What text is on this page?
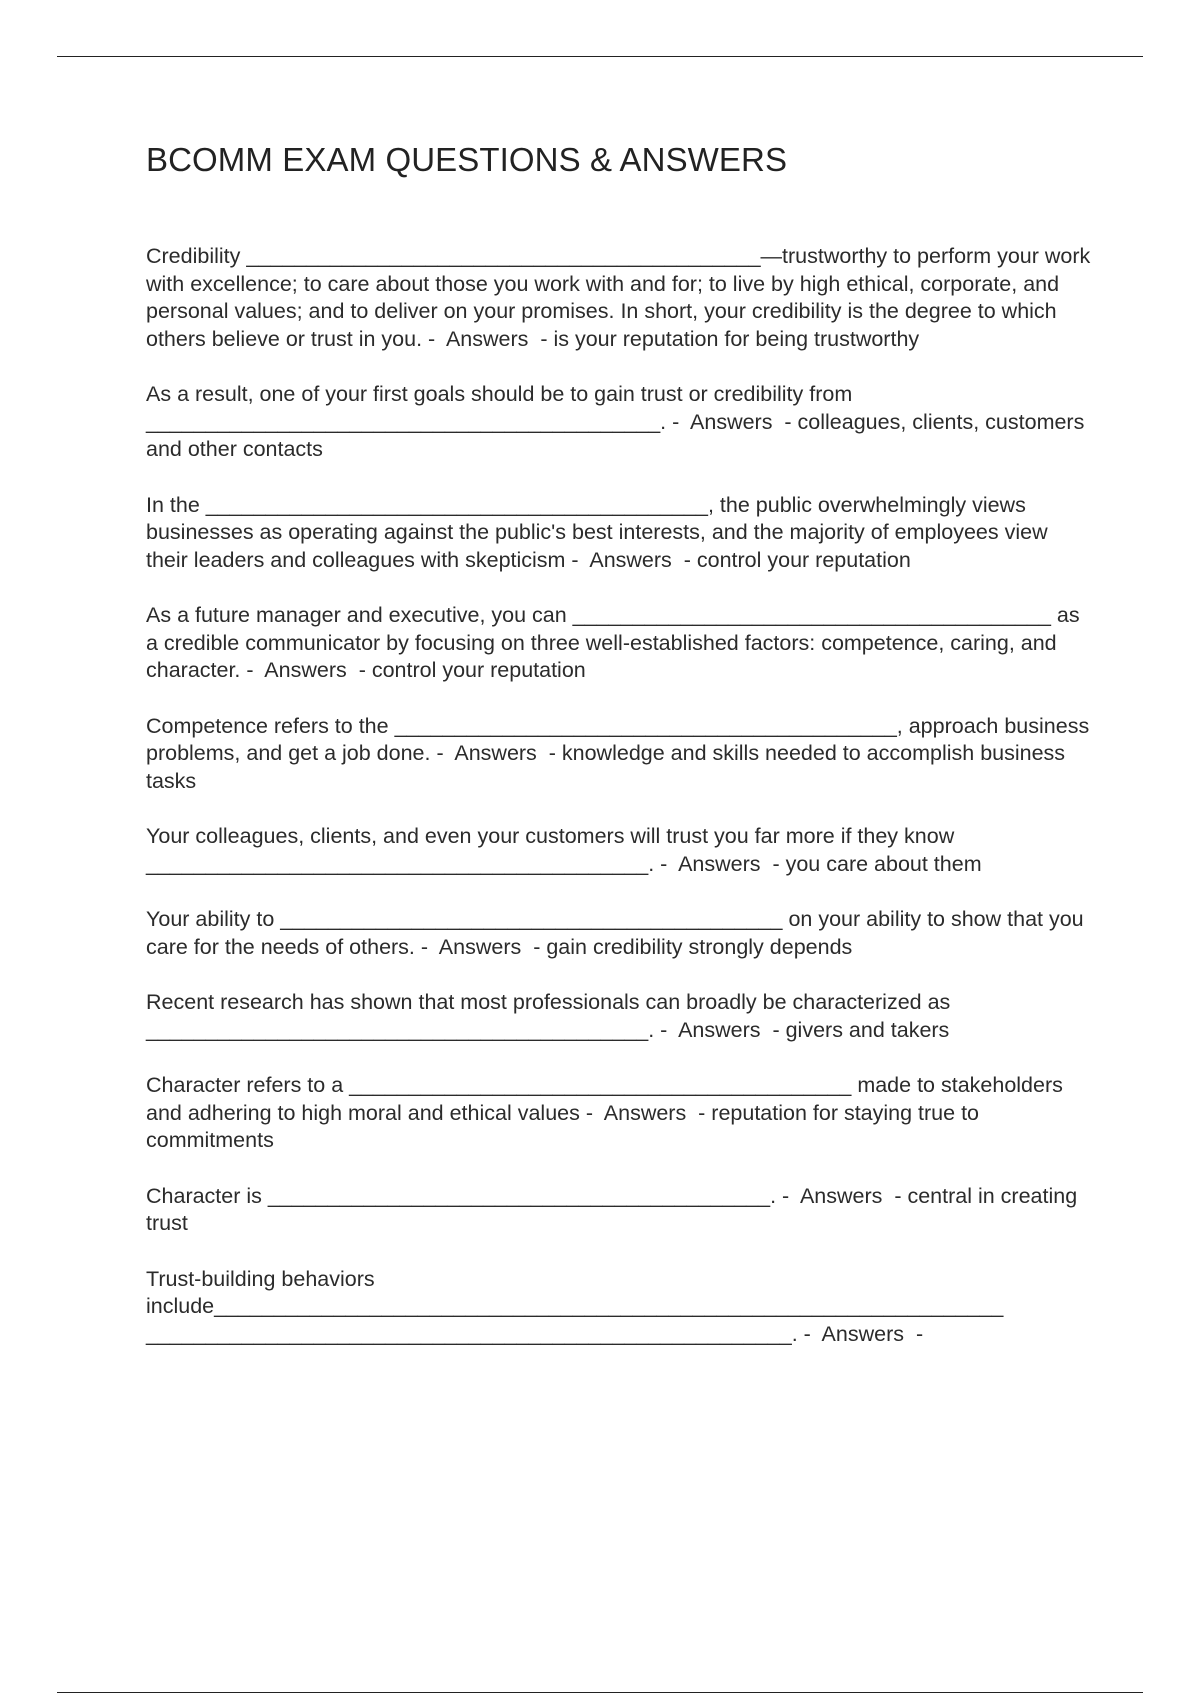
BCOMM EXAM QUESTIONS & ANSWERS

Credibility ___________________________________________—trustworthy to perform your work with excellence; to care about those you work with and for; to live by high ethical, corporate, and personal values; and to deliver on your promises. In short, your credibility is the degree to which others believe or trust in you. -  Answers  - is your reputation for being trustworthy

As a result, one of your first goals should be to gain trust or credibility from ___________________________________________. -  Answers  - colleagues, clients, customers and other contacts

In the __________________________________________, the public overwhelmingly views businesses as operating against the public's best interests, and the majority of employees view their leaders and colleagues with skepticism -  Answers  - control your reputation

As a future manager and executive, you can ________________________________________ as a credible communicator by focusing on three well-established factors: competence, caring, and character. -  Answers  - control your reputation

Competence refers to the __________________________________________, approach business problems, and get a job done. -  Answers  - knowledge and skills needed to accomplish business tasks

Your colleagues, clients, and even your customers will trust you far more if they know __________________________________________. -  Answers  - you care about them

Your ability to __________________________________________ on your ability to show that you care for the needs of others. -  Answers  - gain credibility strongly depends

Recent research has shown that most professionals can broadly be characterized as __________________________________________. -  Answers  - givers and takers

Character refers to a __________________________________________ made to stakeholders and adhering to high moral and ethical values -  Answers  - reputation for staying true to commitments

Character is __________________________________________. -  Answers  - central in creating trust

Trust-building behaviors include__________________________________________________________________ ______________________________________________________. -  Answers  -
